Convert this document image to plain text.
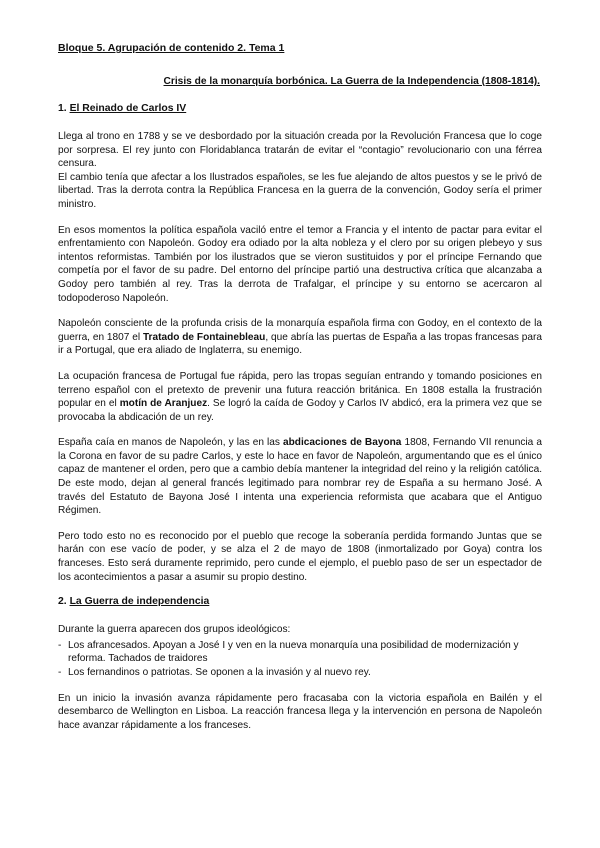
Bloque 5. Agrupación de contenido 2. Tema 1
Crisis de la monarquía borbónica. La Guerra de la Independencia (1808-1814).
1. El Reinado de Carlos IV

Llega al trono en 1788 y se ve desbordado por la situación creada por la Revolución Francesa que lo coge por sorpresa. El rey junto con Floridablanca tratarán de evitar el “contagio” revolucionario con una férrea censura.
El cambio tenía que afectar a los Ilustrados españoles, se les fue alejando de altos puestos y se le privó de libertad. Tras la derrota contra la República Francesa en la guerra de la convención, Godoy sería el primer ministro.

En esos momentos la política española vaciló entre el temor a Francia y el intento de pactar para evitar el enfrentamiento con Napoleón. Godoy era odiado por la alta nobleza y el clero por su origen plebeyo y sus intentos reformistas. También por los ilustrados que se vieron sustituidos y por el príncipe Fernando que competía por el favor de su padre. Del entorno del príncipe partió una destructiva crítica que alcanzaba a Godoy pero también al rey. Tras la derrota de Trafalgar, el príncipe y su entorno se acercaron al todopoderoso Napoleón.

Napoleón consciente de la profunda crisis de la monarquía española firma con Godoy, en el contexto de la guerra, en 1807 el Tratado de Fontainebleau, que abría las puertas de España a las tropas francesas para ir a Portugal, que era aliado de Inglaterra, su enemigo.

La ocupación francesa de Portugal fue rápida, pero las tropas seguían entrando y tomando posiciones en terreno español con el pretexto de prevenir una futura reacción británica. En 1808 estalla la frustración popular en el motín de Aranjuez. Se logró la caída de Godoy y Carlos IV abdicó, era la primera vez que se provocaba la abdicación de un rey.

España caía en manos de Napoleón, y las en las abdicaciones de Bayona 1808, Fernando VII renuncia a la Corona en favor de su padre Carlos, y este lo hace en favor de Napoleón, argumentando que es el único capaz de mantener el orden, pero que a cambio debía mantener la integridad del reino y la religión católica. De este modo, dejan al general francés legitimado para nombrar rey de España a su hermano José. A través del Estatuto de Bayona José I intenta una experiencia reformista que acabara que el Antiguo Régimen.

Pero todo esto no es reconocido por el pueblo que recoge la soberanía perdida formando Juntas que se harán con ese vacío de poder, y se alza el 2 de mayo de 1808 (inmortalizado por Goya) contra los franceses. Esto será duramente reprimido, pero cunde el ejemplo, el pueblo paso de ser un espectador de los acontecimientos a pasar a asumir su propio destino.

2. La Guerra de independencia

Durante la guerra aparecen dos grupos ideológicos:

- Los afrancesados. Apoyan a José I y ven en la nueva monarquía una posibilidad de modernización y reforma. Tachados de traidores
- Los fernandinos o patriotas. Se oponen a la invasión y al nuevo rey.

En un inicio la invasión avanza rápidamente pero fracasaba con la victoria española en Bailén y el desembarco de Wellington en Lisboa. La reacción francesa llega y la intervención en persona de Napoleón hace avanzar rápidamente a los franceses.
